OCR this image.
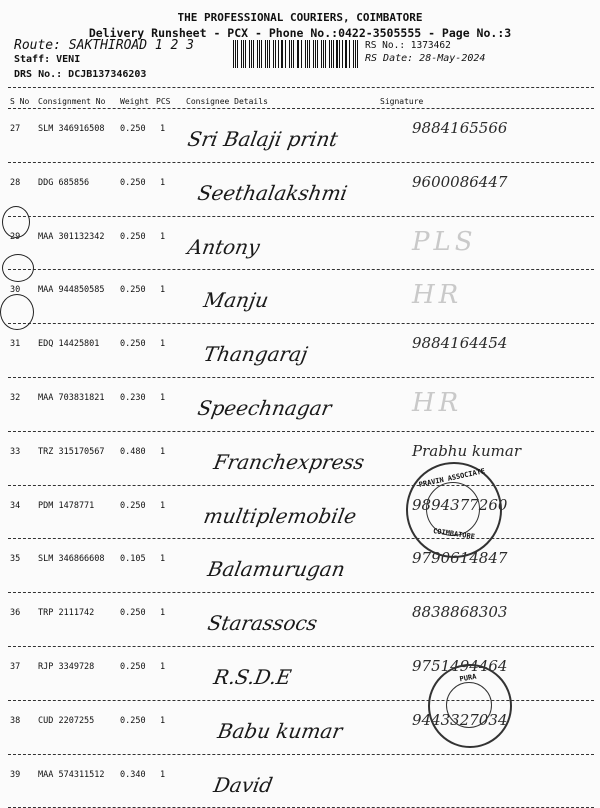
THE PROFESSIONAL COURIERS, COIMBATORE
Delivery Runsheet - PCX - Phone No.:0422-3505555 - Page No.:3
Route: SAKTHIROAD 1 2 3
Staff: VENI
DRS No.: DCJB137346203
RS No.: 1373462
RS Date: 28-May-2024
S No Consignment No Weight PCS Consignee Details	Signature
27 SLM 346916508 0.250 1 Sri Balaji print	9884165566
28 DDG 685856	0.250 1 Seethalakshmi	9600086447
29 MAA 301132342 0.250 1 Antony	PLS
30 MAA 944850585 0.250 1 Manju	HR
31 EDQ 14425801 0.250 1 Thangaraj	9884164454
32 MAA 703831821 0.230 1 Speechnagar	HR
33 TRZ 315170567 0.480 1 Franchexpress	Prabhu kumar
34 PDM 1478771	0.250 1 multiplemobile	9894377260
35 SLM 346866608 0.105 1 Balamurugan	9790614847
36 TRP 2111742	0.250 1 Starassocs	8838868303
37 RJP 3349728	0.250 1 R.S.D.E	9751494464
38 CUD 2207255	0.250 1	Babu kumar	9443327034
39 MAA 574311512 0.340 1 David
PRAVIN ASSOCIATE
COIMBATORE
PURA
